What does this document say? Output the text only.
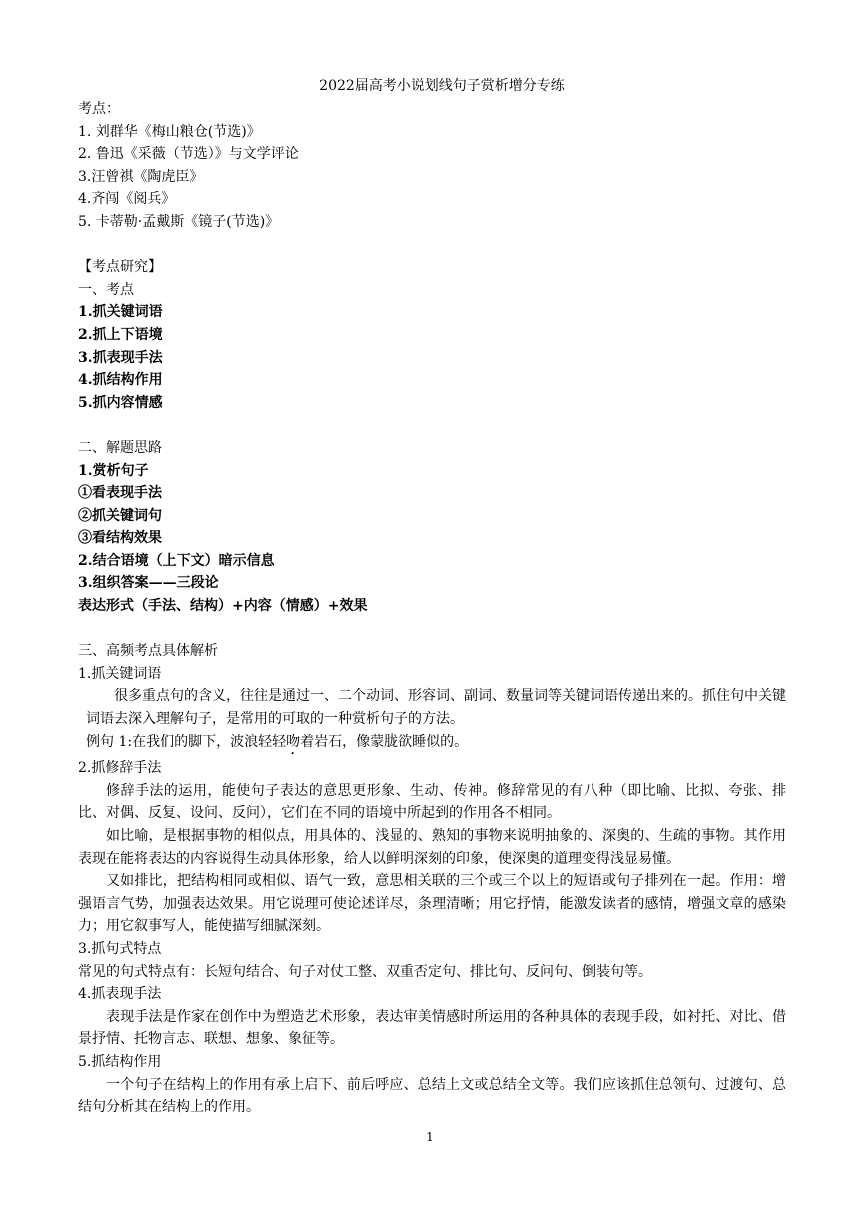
2022届高考小说划线句子赏析增分专练
考点：
1. 刘群华《梅山粮仓(节选)》
2. 鲁迅《采薇（节选）》与文学评论
3.汪曾祺《陶虎臣》
4.齐闯《阅兵》
5. 卡蒂勒·孟戴斯《镜子(节选)》
【考点研究】
一、考点
1.抓关键词语
2.抓上下语境
3.抓表现手法
4.抓结构作用
5.抓内容情感
二、解题思路
1.赏析句子
①看表现手法
②抓关键词句
③看结构效果
2.结合语境（上下文）暗示信息
3.组织答案——三段论
表达形式（手法、结构）+内容（情感）+效果
三、高频考点具体解析
1.抓关键词语
很多重点句的含义，往往是通过一、二个动词、形容词、副词、数量词等关键词语传递出来的。抓住句中关键词语去深入理解句子，是常用的可取的一种赏析句子的方法。
例句 1:在我们的脚下，波浪轻轻吻着岩石，像蒙胧欲睡似的。
2.抓修辞手法
修辞手法的运用，能使句子表达的意思更形象、生动、传神。修辞常见的有八种（即比喻、比拟、夸张、排比、对偶、反复、设问、反问），它们在不同的语境中所起到的作用各不相同。
如比喻，是根据事物的相似点，用具体的、浅显的、熟知的事物来说明抽象的、深奥的、生疏的事物。其作用表现在能将表达的内容说得生动具体形象，给人以鲜明深刻的印象，使深奥的道理变得浅显易懂。
又如排比，把结构相同或相似、语气一致，意思相关联的三个或三个以上的短语或句子排列在一起。作用：增强语言气势，加强表达效果。用它说理可使论述详尽，条理清晰；用它抒情，能激发读者的感情，增强文章的感染力；用它叙事写人，能使描写细腻深刻。
3.抓句式特点
常见的句式特点有：长短句结合、句子对仗工整、双重否定句、排比句、反问句、倒装句等。
4.抓表现手法
表现手法是作家在创作中为塑造艺术形象，表达审美情感时所运用的各种具体的表现手段，如衬托、对比、借景抒情、托物言志、联想、想象、象征等。
5.抓结构作用
一个句子在结构上的作用有承上启下、前后呼应、总结上文或总结全文等。我们应该抓住总领句、过渡句、总结句分析其在结构上的作用。
1
